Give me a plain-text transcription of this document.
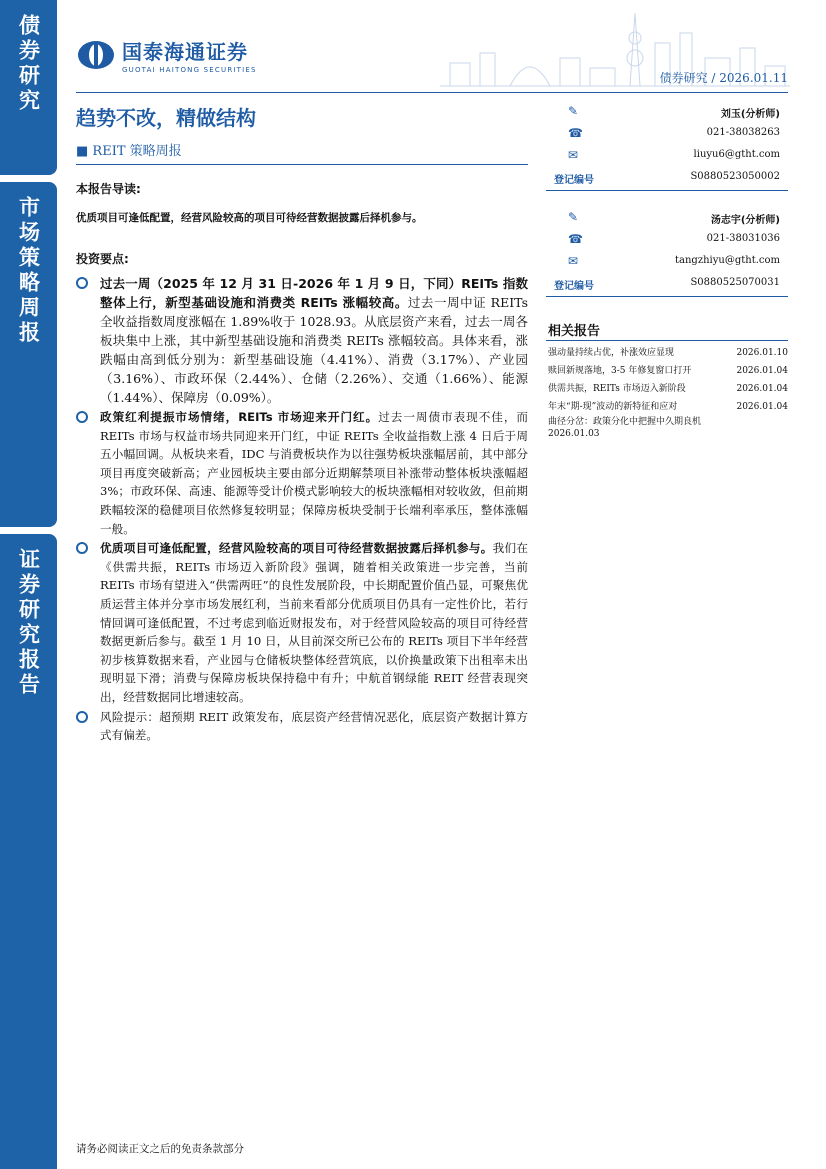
债券研究
市场策略周报
证券研究报告
国泰海通证券
GUOTAI HAITONG SECURITIES
债券研究 / 2026.01.11
趋势不改，精做结构
■ REIT 策略周报
本报告导读:
优质项目可逢低配置，经营风险较高的项目可待经营数据披露后择机参与。
投资要点:
过去一周（2025 年 12 月 31 日-2026 年 1 月 9 日，下同）REITs 指数整体上行，新型基础设施和消费类 REITs 涨幅较高。过去一周中证 REITs 全收益指数周度涨幅在 1.89%收于 1028.93。从底层资产来看，过去一周各板块集中上涨，其中新型基础设施和消费类 REITs 涨幅较高。具体来看，涨跌幅由高到低分别为：新型基础设施（4.41%）、消费（3.17%）、产业园（3.16%）、市政环保（2.44%）、仓储（2.26%）、交通（1.66%）、能源（1.44%）、保障房（0.09%）。
政策红利提振市场情绪，REITs 市场迎来开门红。过去一周债市表现不佳，而 REITs 市场与权益市场共同迎来开门红，中证 REITs 全收益指数上涨 4 日后于周五小幅回调。从板块来看，IDC 与消费板块作为以往强势板块涨幅居前，其中部分项目再度突破新高；产业园板块主要由部分近期解禁项目补涨带动整体板块涨幅超 3%；市政环保、高速、能源等受计价模式影响较大的板块涨幅相对较收敛，但前期跌幅较深的稳健项目依然修复较明显；保障房板块受制于长端利率承压，整体涨幅一般。
优质项目可逢低配置，经营风险较高的项目可待经营数据披露后择机参与。我们在《供需共振，REITs 市场迈入新阶段》强调，随着相关政策进一步完善，当前 REITs 市场有望进入“供需两旺”的良性发展阶段，中长期配置价值凸显，可聚焦优质运营主体并分享市场发展红利，当前来看部分优质项目仍具有一定性价比，若行情回调可逢低配置，不过考虑到临近财报发布，对于经营风险较高的项目可待经营数据更新后参与。截至 1 月 10 日，从目前深交所已公布的 REITs 项目下半年经营初步核算数据来看，产业园与仓储板块整体经营筑底，以价换量政策下出租率未出现明显下滑；消费与保障房板块保持稳中有升；中航首钢绿能 REIT 经营表现突出，经营数据同比增速较高。
风险提示：超预期 REIT 政策发布，底层资产经营情况恶化，底层资产数据计算方式有偏差。
✎	刘玉(分析师)
☎	021-38038263
✉	liuyu6@gtht.com
登记编号	S0880523050002
✎	汤志宇(分析师)
☎	021-38031036
✉	tangzhiyu@gtht.com
登记编号	S0880525070031
相关报告
强动量持续占优，补涨效应显现	2026.01.10
赎回新规落地，3-5 年修复窗口打开	2026.01.04
供需共振，REITs 市场迈入新阶段	2026.01.04
年末“期-现”波动的新特征和应对	2026.01.04
曲径分岔：政策分化中把握中久期良机
2026.01.03
请务必阅读正文之后的免责条款部分
